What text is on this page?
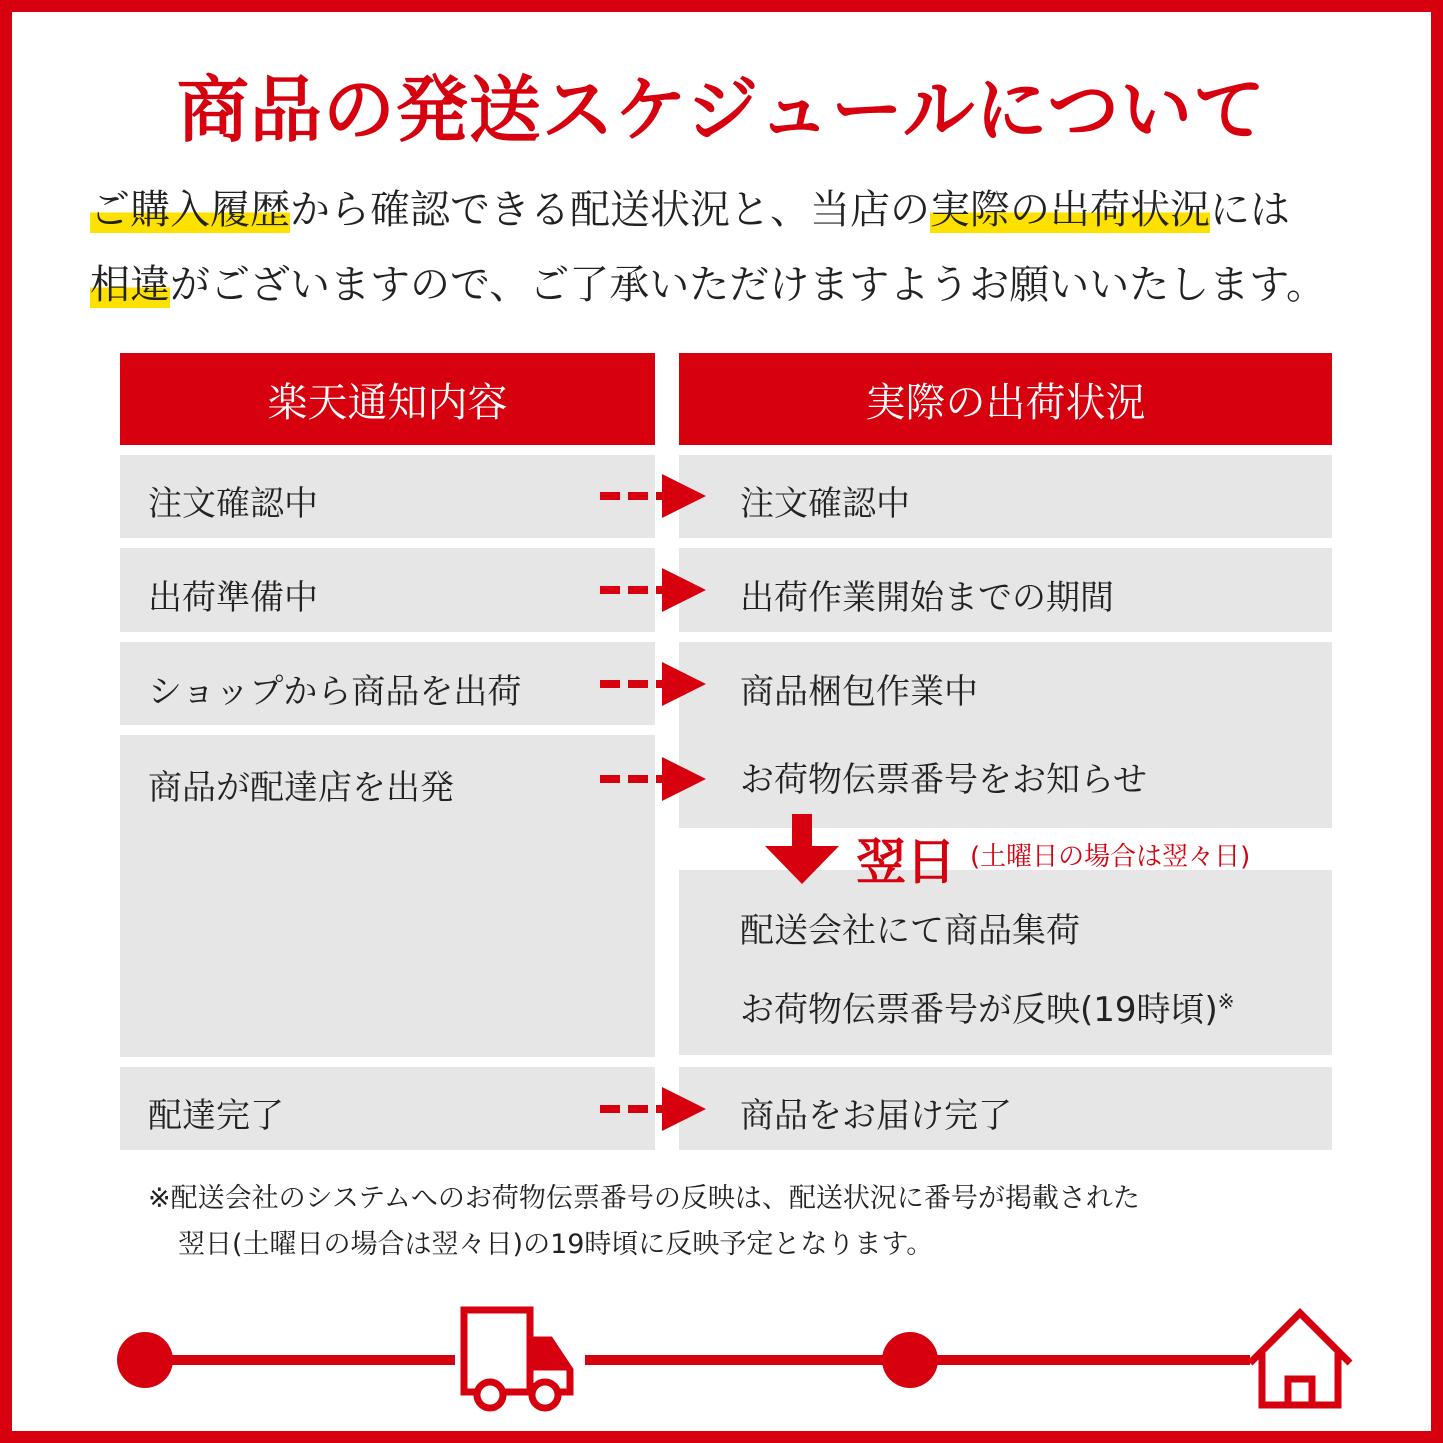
商品の発送スケジュールについて
ご購入履歴から確認できる配送状況と、当店の実際の出荷状況には
相違がございますので、ご了承いただけますようお願いいたします。
楽天通知内容	実際の出荷状況
注文確認中
出荷準備中
ショップから商品を出荷
商品が配達店を出発
配達完了
注文確認中
出荷作業開始までの期間
商品梱包作業中
お荷物伝票番号をお知らせ
配送会社にて商品集荷
お荷物伝票番号が反映(19時頃)※
商品をお届け完了
翌日 (土曜日の場合は翌々日)
※配送会社のシステムへのお荷物伝票番号の反映は、配送状況に番号が掲載された
翌日(土曜日の場合は翌々日)の19時頃に反映予定となります。
